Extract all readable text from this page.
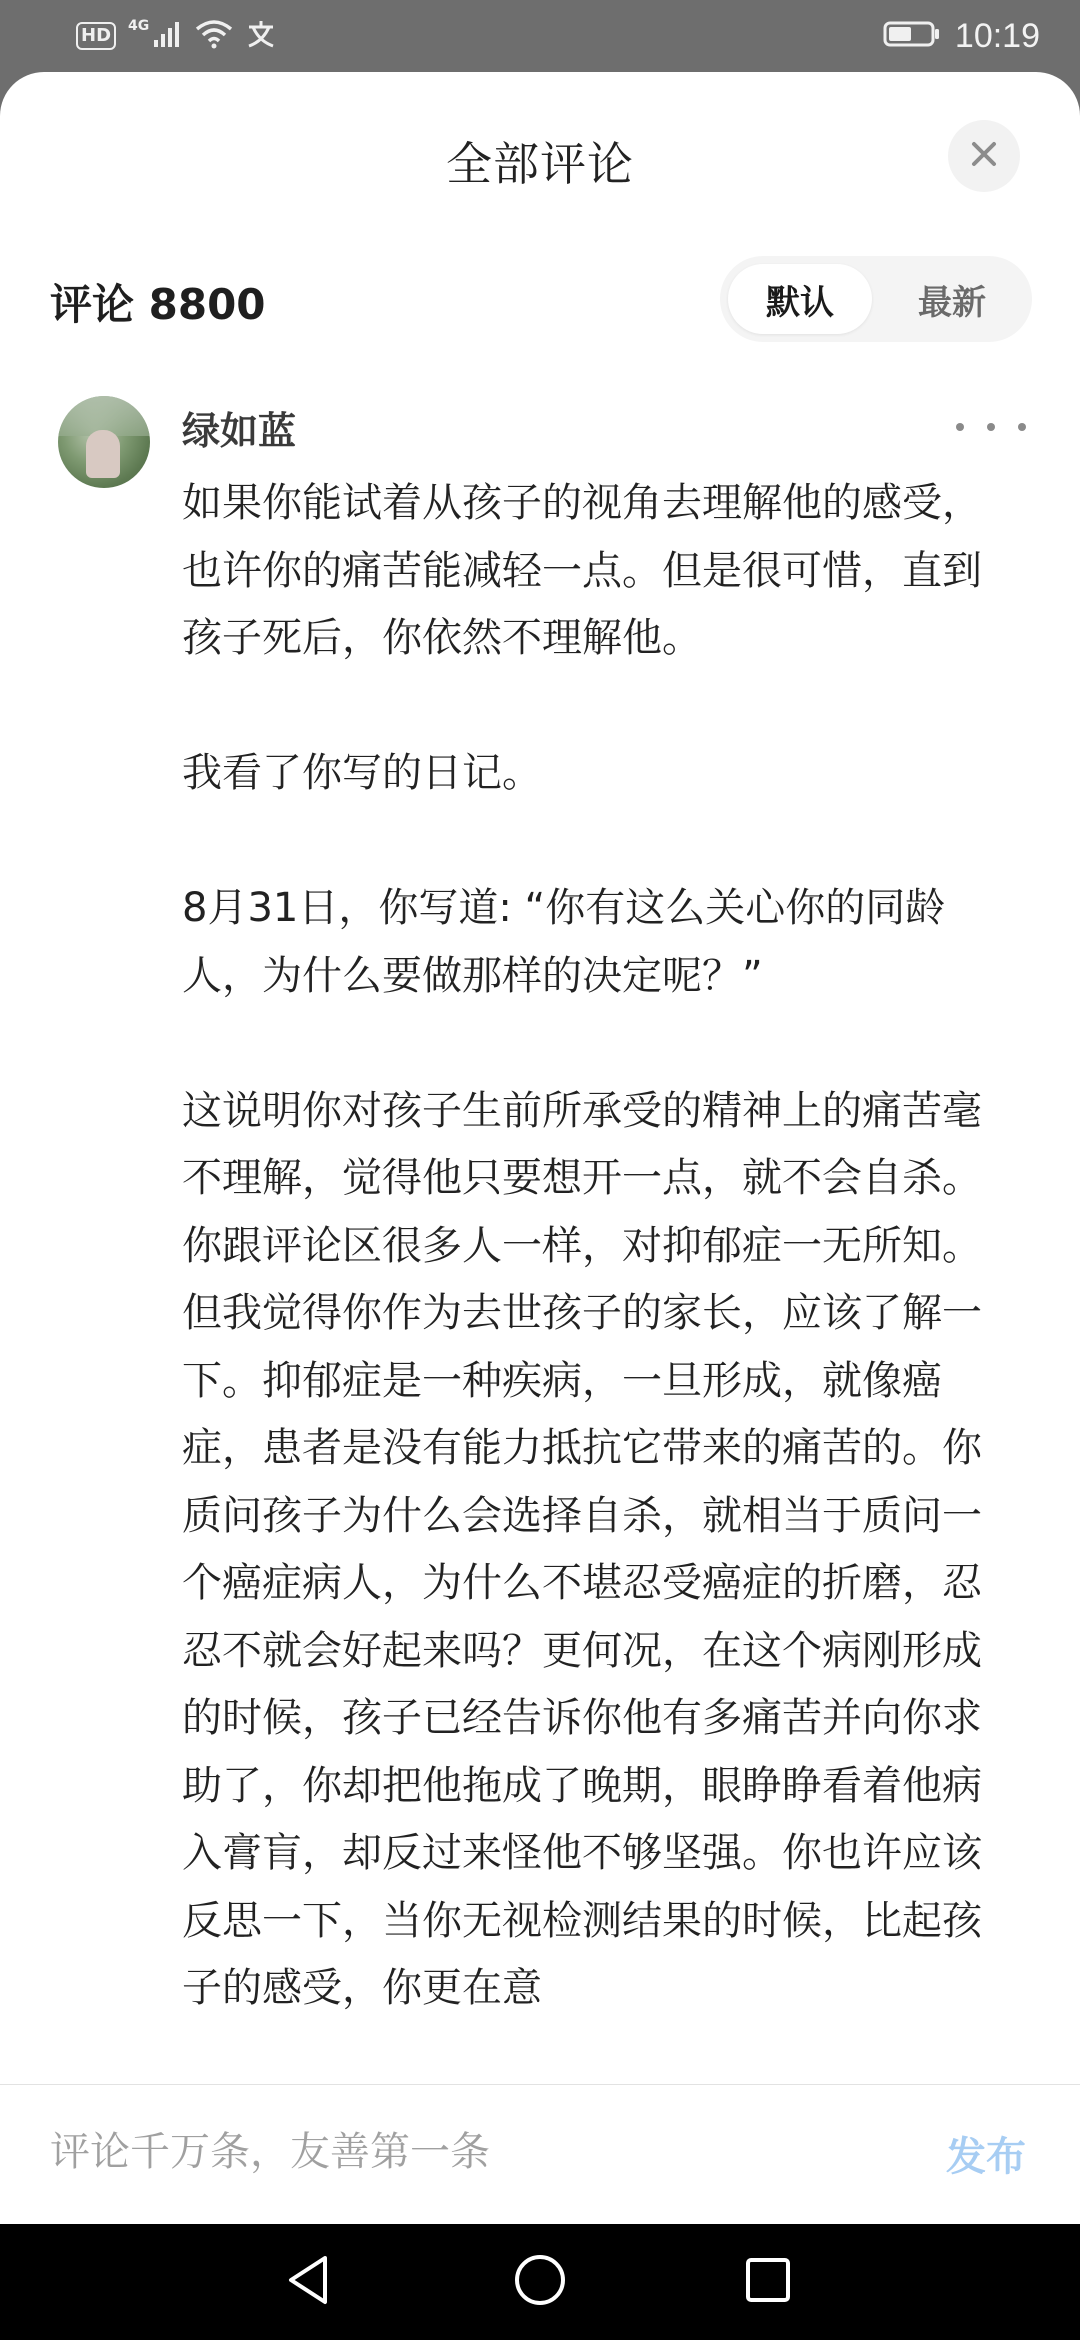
HD	4G	10:19
全部评论
评论 8800	默认	最新
绿如蓝

如果你能试着从孩子的视角去理解他的感受，也许你的痛苦能减轻一点。但是很可惜，直到孩子死后，你依然不理解他。

我看了你写的日记。

8月31日，你写道: “你有这么关心你的同龄人，为什么要做那样的决定呢？”

这说明你对孩子生前所承受的精神上的痛苦毫不理解，觉得他只要想开一点，就不会自杀。你跟评论区很多人一样，对抑郁症一无所知。但我觉得你作为去世孩子的家长，应该了解一下。抑郁症是一种疾病，一旦形成，就像癌症，患者是没有能力抵抗它带来的痛苦的。你质问孩子为什么会选择自杀，就相当于质问一个癌症病人，为什么不堪忍受癌症的折磨，忍忍不就会好起来吗？更何况，在这个病刚形成的时候，孩子已经告诉你他有多痛苦并向你求助了，你却把他拖成了晚期，眼睁睁看着他病入膏肓，却反过来怪他不够坚强。你也许应该反思一下，当你无视检测结果的时候，比起孩子的感受，你更在意

评论千万条，友善第一条
发布
